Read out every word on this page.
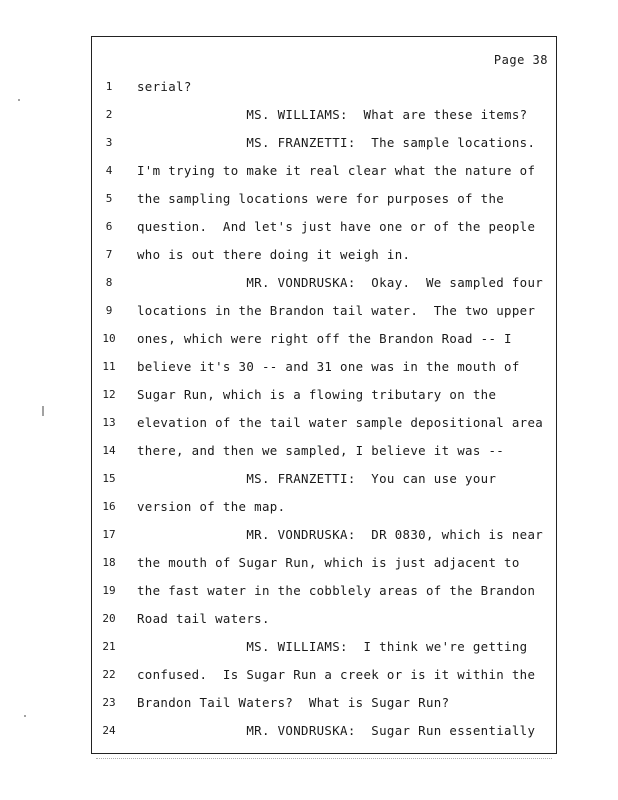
Page 38
1	serial?
2	MS. WILLIAMS:  What are these items?
3	MS. FRANZETTI:  The sample locations.
4	I'm trying to make it real clear what the nature of
5	the sampling locations were for purposes of the
6	question.  And let's just have one or of the people
7	who is out there doing it weigh in.
8	MR. VONDRUSKA:  Okay.  We sampled four
9	locations in the Brandon tail water.  The two upper
10	ones, which were right off the Brandon Road -- I
11	believe it's 30 -- and 31 one was in the mouth of
12	Sugar Run, which is a flowing tributary on the
13	elevation of the tail water sample depositional area
14	there, and then we sampled, I believe it was --
15	MS. FRANZETTI:  You can use your
16	version of the map.
17	MR. VONDRUSKA:  DR 0830, which is near
18	the mouth of Sugar Run, which is just adjacent to
19	the fast water in the cobblely areas of the Brandon
20	Road tail waters.
21	MS. WILLIAMS:  I think we're getting
22	confused.  Is Sugar Run a creek or is it within the
23	Brandon Tail Waters?  What is Sugar Run?
24	MR. VONDRUSKA:  Sugar Run essentially
